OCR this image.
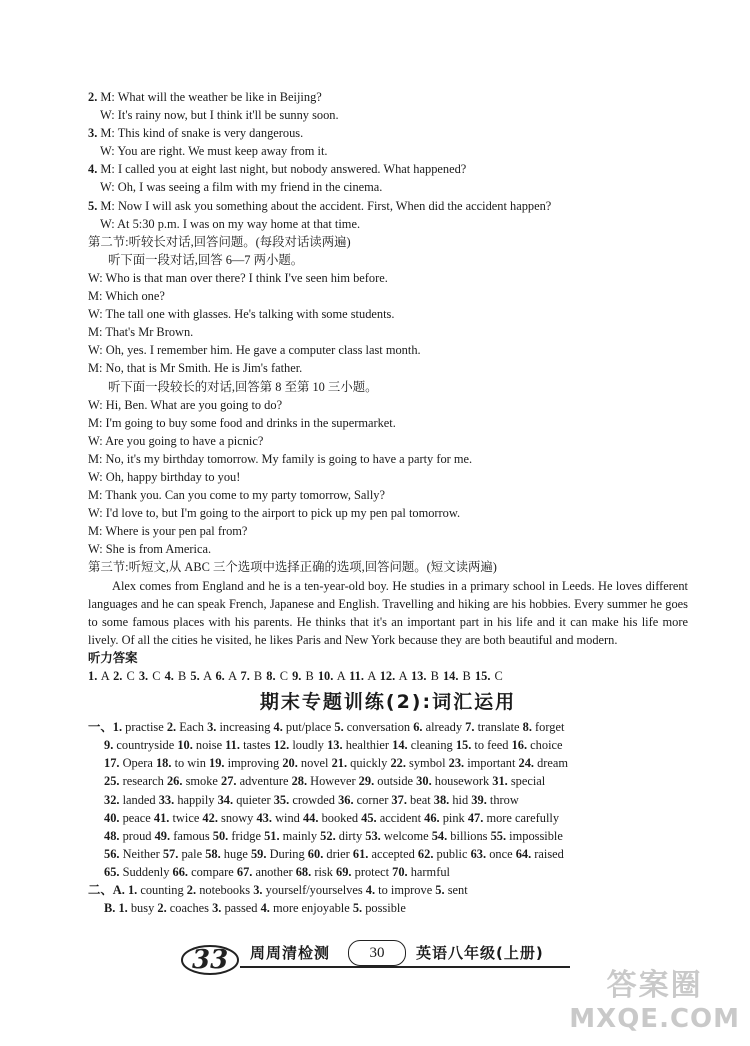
2. M: What will the weather be like in Beijing?
W: It's rainy now, but I think it'll be sunny soon.
3. M: This kind of snake is very dangerous.
W: You are right. We must keep away from it.
4. M: I called you at eight last night, but nobody answered. What happened?
W: Oh, I was seeing a film with my friend in the cinema.
5. M: Now I will ask you something about the accident. First, When did the accident happen?
W: At 5:30 p.m. I was on my way home at that time.
第二节:听较长对话,回答问题。(每段对话读两遍)
听下面一段对话,回答 6—7 两小题。
W: Who is that man over there? I think I've seen him before.
M: Which one?
W: The tall one with glasses. He's talking with some students.
M: That's Mr Brown.
W: Oh, yes. I remember him. He gave a computer class last month.
M: No, that is Mr Smith. He is Jim's father.
听下面一段较长的对话,回答第 8 至第 10 三小题。
W: Hi, Ben. What are you going to do?
M: I'm going to buy some food and drinks in the supermarket.
W: Are you going to have a picnic?
M: No, it's my birthday tomorrow. My family is going to have a party for me.
W: Oh, happy birthday to you!
M: Thank you. Can you come to my party tomorrow, Sally?
W: I'd love to, but I'm going to the airport to pick up my pen pal tomorrow.
M: Where is your pen pal from?
W: She is from America.
第三节:听短文,从 ABC 三个选项中选择正确的选项,回答问题。(短文读两遍)
Alex comes from England and he is a ten-year-old boy. He studies in a primary school in Leeds. He loves different languages and he can speak French, Japanese and English. Travelling and hiking are his hobbies. Every summer he goes to some famous places with his parents. He thinks that it's an important part in his life and it can make his life more lively. Of all the cities he visited, he likes Paris and New York because they are both beautiful and modern.
听力答案
1. A 2. C 3. C 4. B 5. A 6. A 7. B 8. C 9. B 10. A 11. A 12. A 13. B 14. B 15. C
期末专题训练(2):词汇运用
一、1. practise 2. Each 3. increasing 4. put/place 5. conversation 6. already 7. translate 8. forget
9. countryside 10. noise 11. tastes 12. loudly 13. healthier 14. cleaning 15. to feed 16. choice
17. Opera 18. to win 19. improving 20. novel 21. quickly 22. symbol 23. important 24. dream
25. research 26. smoke 27. adventure 28. However 29. outside 30. housework 31. special
32. landed 33. happily 34. quieter 35. crowded 36. corner 37. beat 38. hid 39. throw
40. peace 41. twice 42. snowy 43. wind 44. booked 45. accident 46. pink 47. more carefully
48. proud 49. famous 50. fridge 51. mainly 52. dirty 53. welcome 54. billions 55. impossible
56. Neither 57. pale 58. huge 59. During 60. drier 61. accepted 62. public 63. once 64. raised
65. Suddenly 66. compare 67. another 68. risk 69. protect 70. harmful
二、A. 1. counting 2. notebooks 3. yourself/yourselves 4. to improve 5. sent
B. 1. busy 2. coaches 3. passed 4. more enjoyable 5. possible
33 周周清检测	30	英语八年级(上册)
答案圈
MXQE.COM
